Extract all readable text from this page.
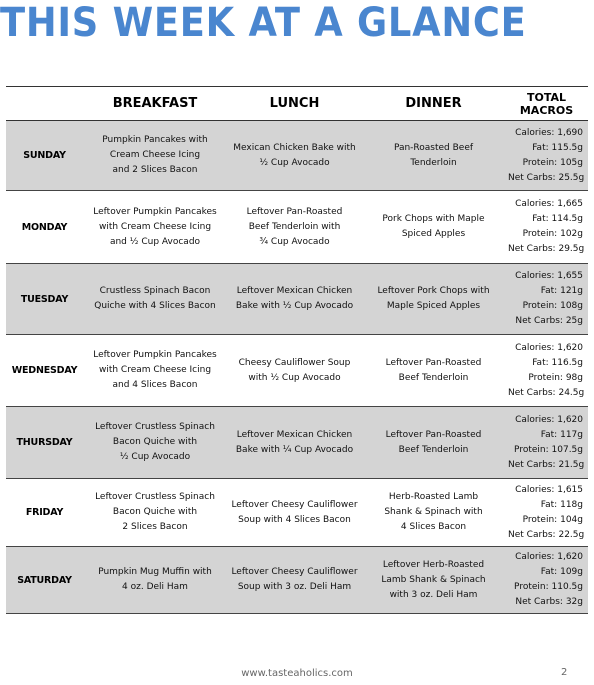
THIS WEEK AT A GLANCE
	BREAKFAST	LUNCH	DINNER	TOTAL
MACROS

SUNDAY	Pumpkin Pancakes with
Cream Cheese Icing
and 2 Slices Bacon	Mexican Chicken Bake with
½ Cup Avocado	Pan-Roasted Beef
Tenderloin	Calories: 1,690
Fat: 115.5g
Protein: 105g
Net Carbs: 25.5g

MONDAY	Leftover Pumpkin Pancakes
with Cream Cheese Icing
and ½ Cup Avocado	Leftover Pan-Roasted
Beef Tenderloin with
¾ Cup Avocado	Pork Chops with Maple
Spiced Apples	Calories: 1,665
Fat: 114.5g
Protein: 102g
Net Carbs: 29.5g

TUESDAY	Crustless Spinach Bacon
Quiche with 4 Slices Bacon	Leftover Mexican Chicken
Bake with ½ Cup Avocado	Leftover Pork Chops with
Maple Spiced Apples	Calories: 1,655
Fat: 121g
Protein: 108g
Net Carbs: 25g

WEDNESDAY	Leftover Pumpkin Pancakes
with Cream Cheese Icing
and 4 Slices Bacon	Cheesy Cauliflower Soup
with ½ Cup Avocado	Leftover Pan-Roasted
Beef Tenderloin	Calories: 1,620
Fat: 116.5g
Protein: 98g
Net Carbs: 24.5g

THURSDAY	Leftover Crustless Spinach
Bacon Quiche with
½ Cup Avocado	Leftover Mexican Chicken
Bake with ¼ Cup Avocado	Leftover Pan-Roasted
Beef Tenderloin	Calories: 1,620
Fat: 117g
Protein: 107.5g
Net Carbs: 21.5g

FRIDAY	Leftover Crustless Spinach
Bacon Quiche with
2 Slices Bacon	Leftover Cheesy Cauliflower
Soup with 4 Slices Bacon	Herb-Roasted Lamb
Shank & Spinach with
4 Slices Bacon	Calories: 1,615
Fat: 118g
Protein: 104g
Net Carbs: 22.5g

SATURDAY	Pumpkin Mug Muffin with
4 oz. Deli Ham	Leftover Cheesy Cauliflower
Soup with 3 oz. Deli Ham	Leftover Herb-Roasted
Lamb Shank & Spinach
with 3 oz. Deli Ham	Calories: 1,620
Fat: 109g
Protein: 110.5g
Net Carbs: 32g
www.tasteaholics.com	2
